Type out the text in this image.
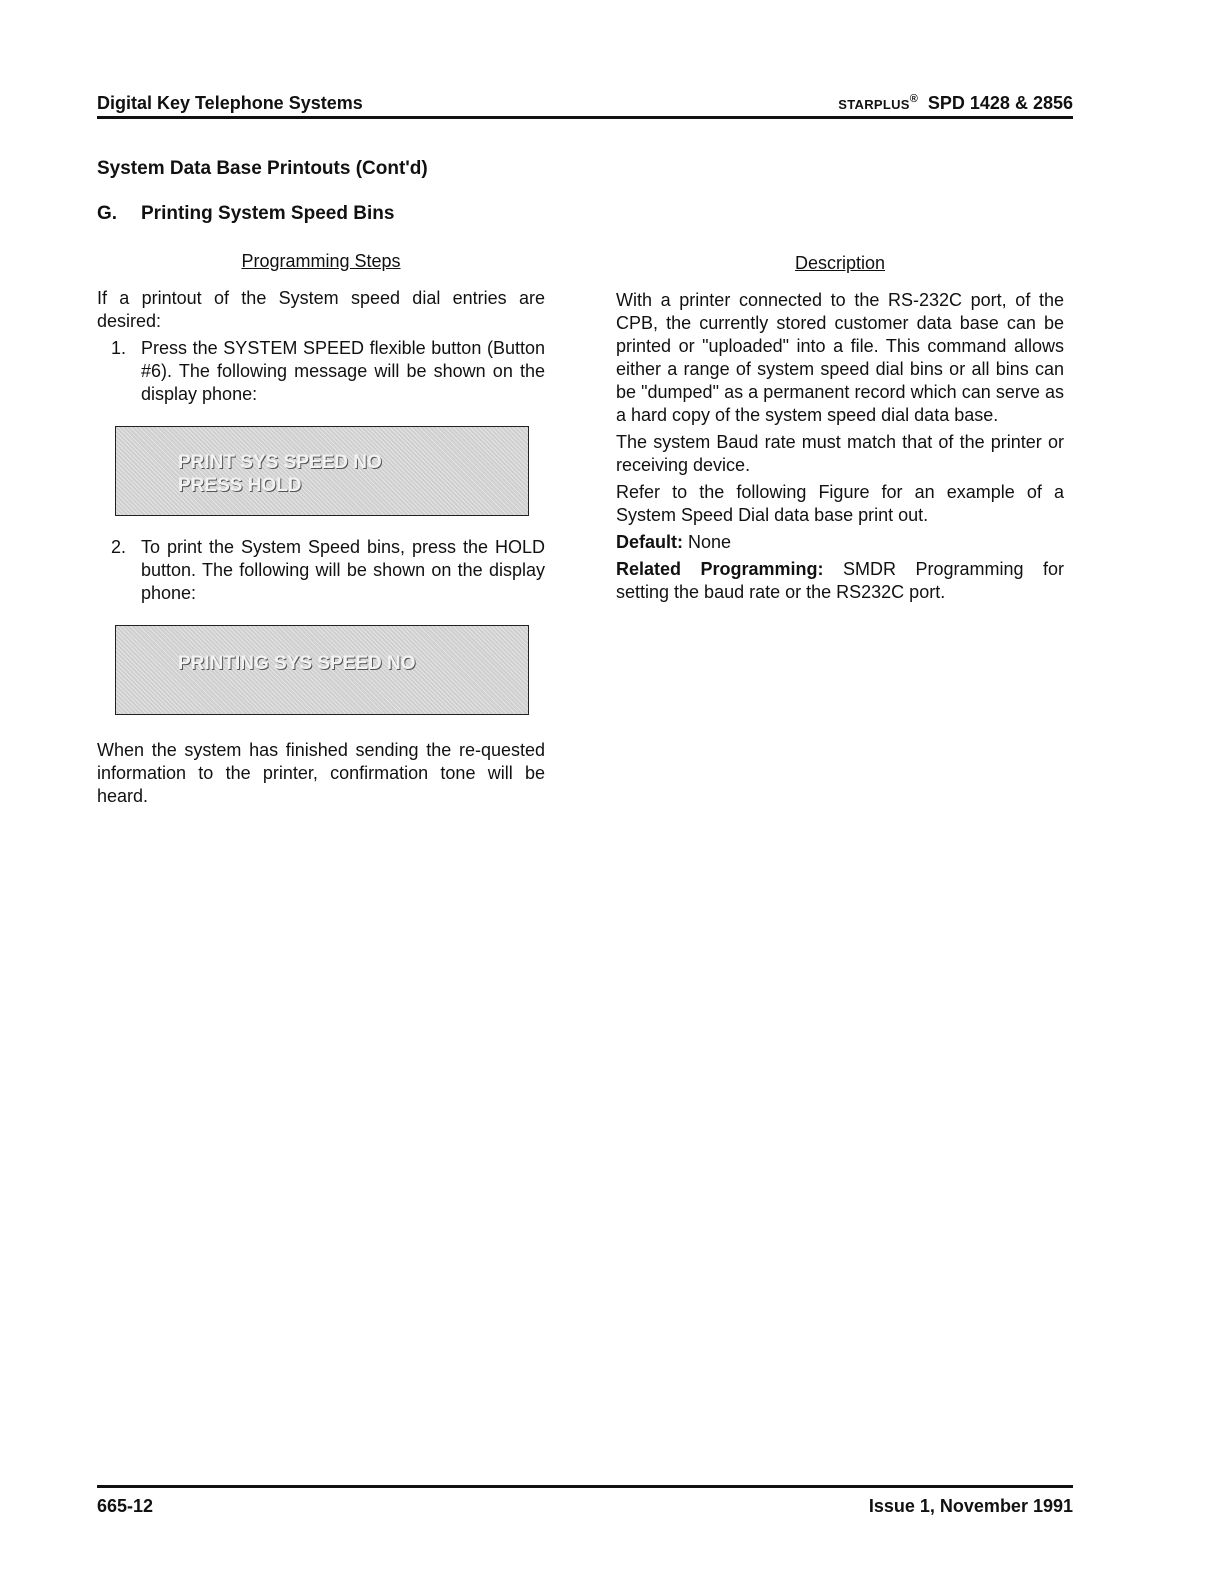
Digital Key Telephone Systems	STARPLUS® SPD 1428 & 2856
System Data Base Printouts (Cont'd)
G. Printing System Speed Bins
Programming Steps

If a printout of the System speed dial entries are desired:

1. Press the SYSTEM SPEED flexible button (Button #6). The following message will be shown on the display phone:
PRINT SYS SPEED NO
PRESS HOLD
2. To print the System Speed bins, press the HOLD button. The following will be shown on the display phone:
PRINTING SYS SPEED NO

When the system has finished sending the re-quested information to the printer, confirmation tone will be heard.

Description

With a printer connected to the RS-232C port, of the CPB, the currently stored customer data base can be printed or "uploaded" into a file. This command allows either a range of system speed dial bins or all bins can be "dumped" as a permanent record which can serve as a hard copy of the system speed dial data base.

The system Baud rate must match that of the printer or receiving device.

Refer to the following Figure for an example of a System Speed Dial data base print out.

Default: None

Related Programming: SMDR Programming for setting the baud rate or the RS232C port.

665-12	Issue 1, November 1991
